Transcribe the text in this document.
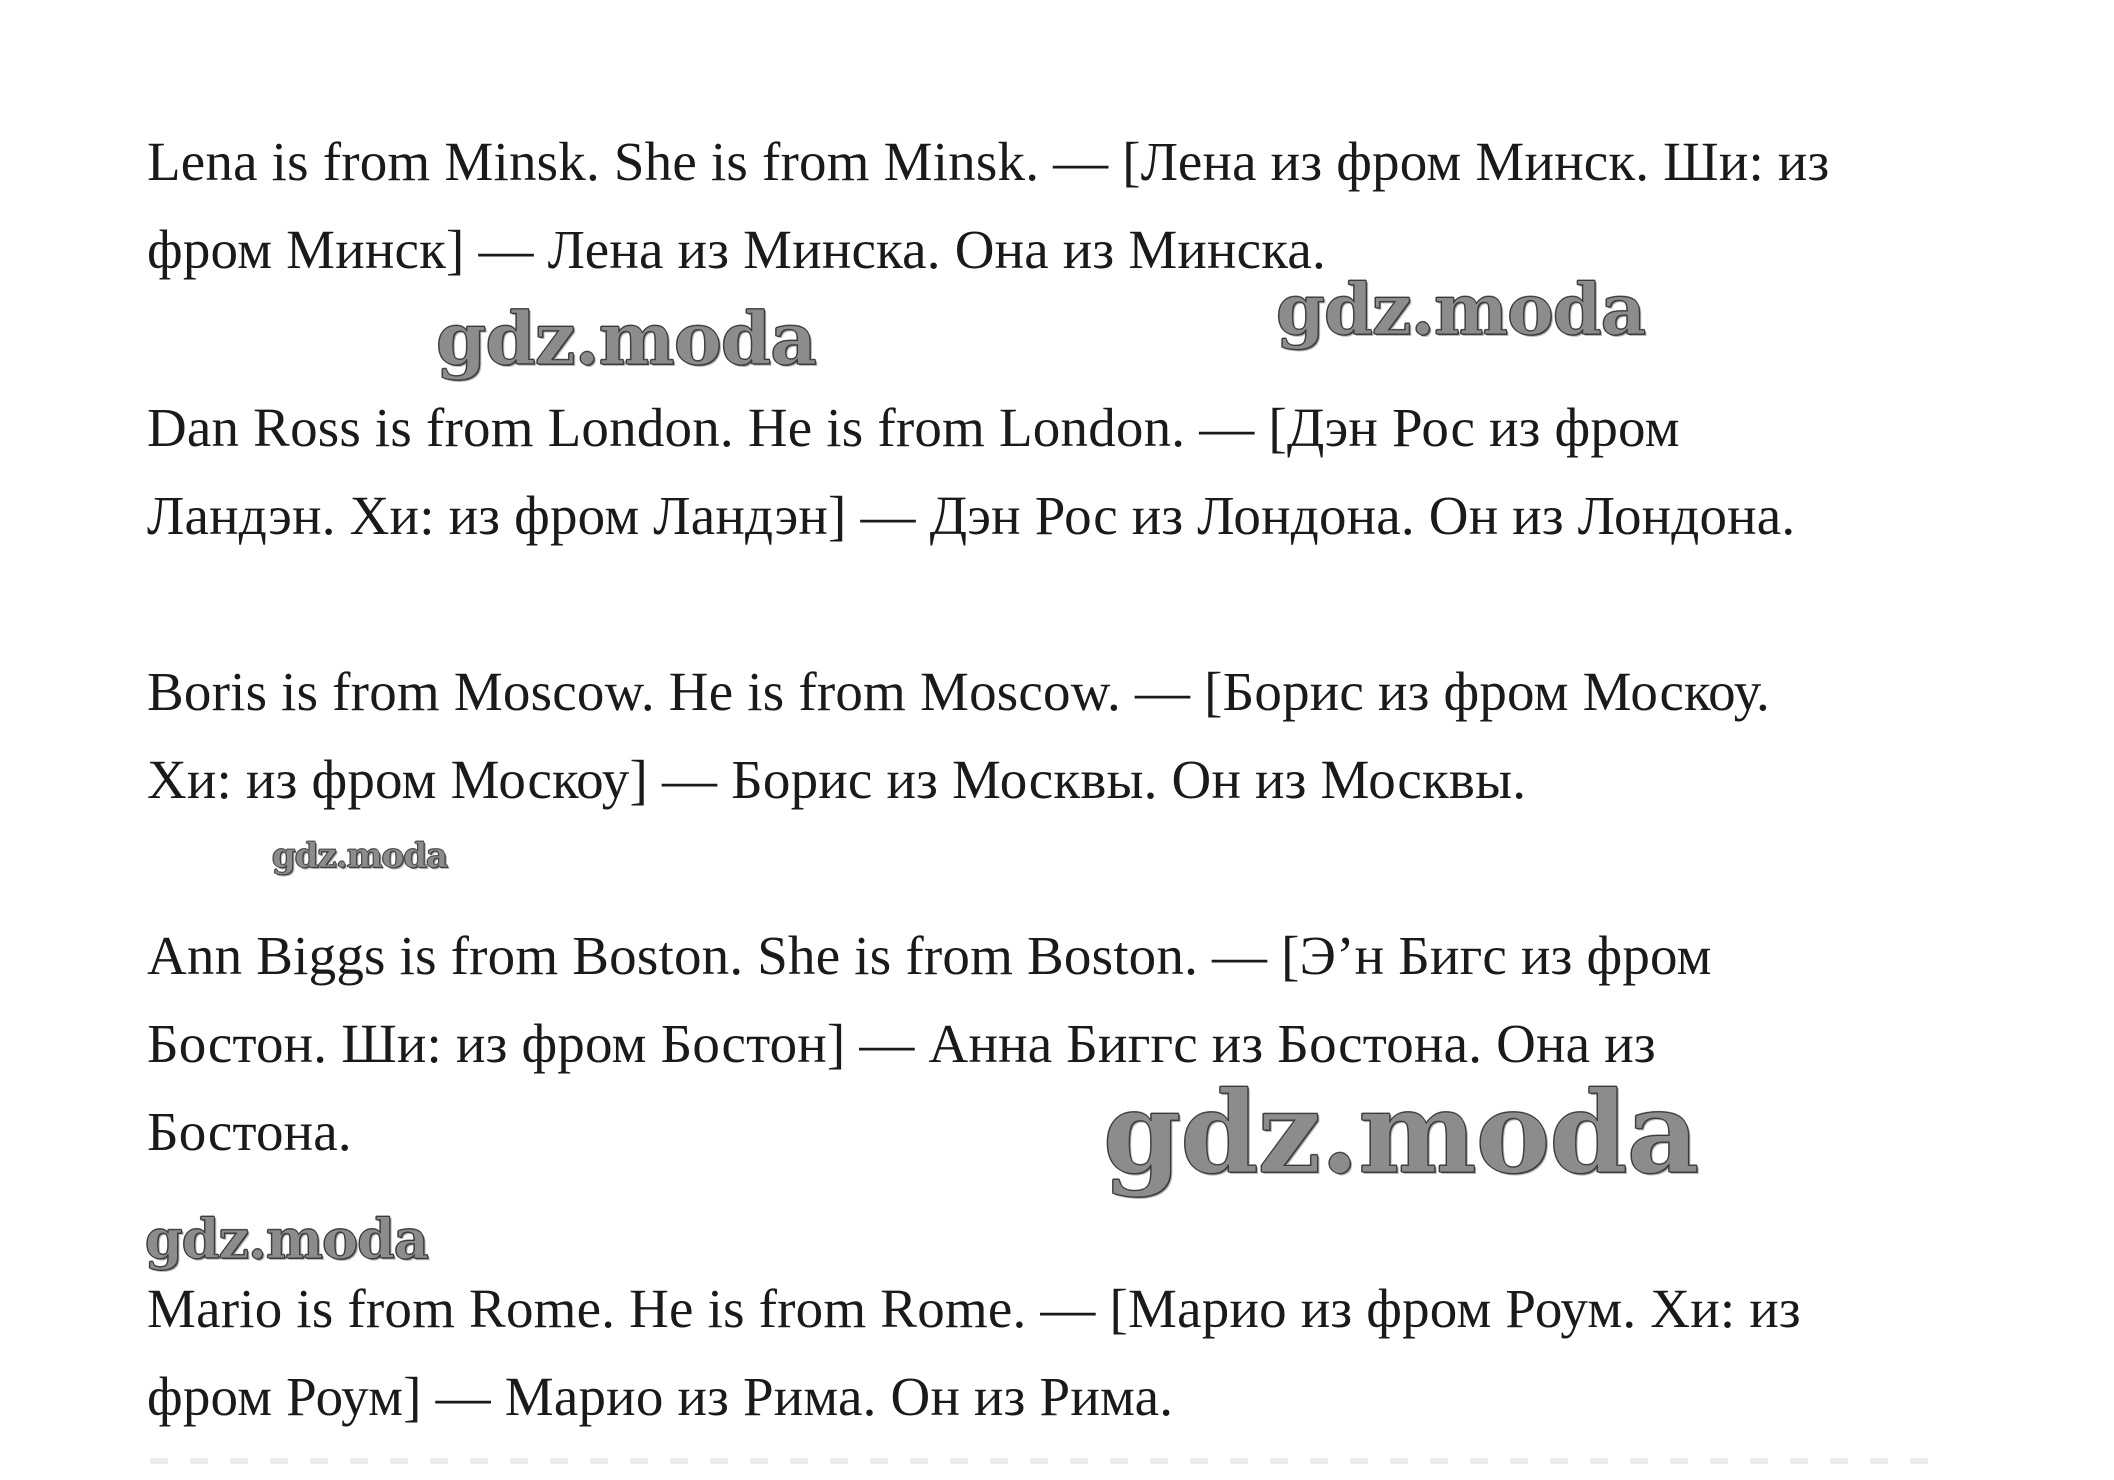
Lena is from Minsk. She is from Minsk. — [Лена из фром Минск. Ши: из
фром Минск] — Лена из Минска. Она из Минска.

Dan Ross is from London. He is from London. — [Дэн Рос из фром
Ландэн. Хи: из фром Ландэн] — Дэн Рос из Лондона. Он из Лондона.

Boris is from Moscow. He is from Moscow. — [Борис из фром Москоу.
Хи: из фром Москоу] — Борис из Москвы. Он из Москвы.

Ann Biggs is from Boston. She is from Boston. — [Э’н Бигс из фром
Бостон. Ши: из фром Бостон] — Анна Биггс из Бостона. Она из
Бостона.

Mario is from Rome. He is from Rome. — [Марио из фром Роум. Хи: из
фром Роум] — Марио из Рима. Он из Рима.

gdz.moda	gdz.moda
gdz.moda
gdz.moda
gdz.moda
